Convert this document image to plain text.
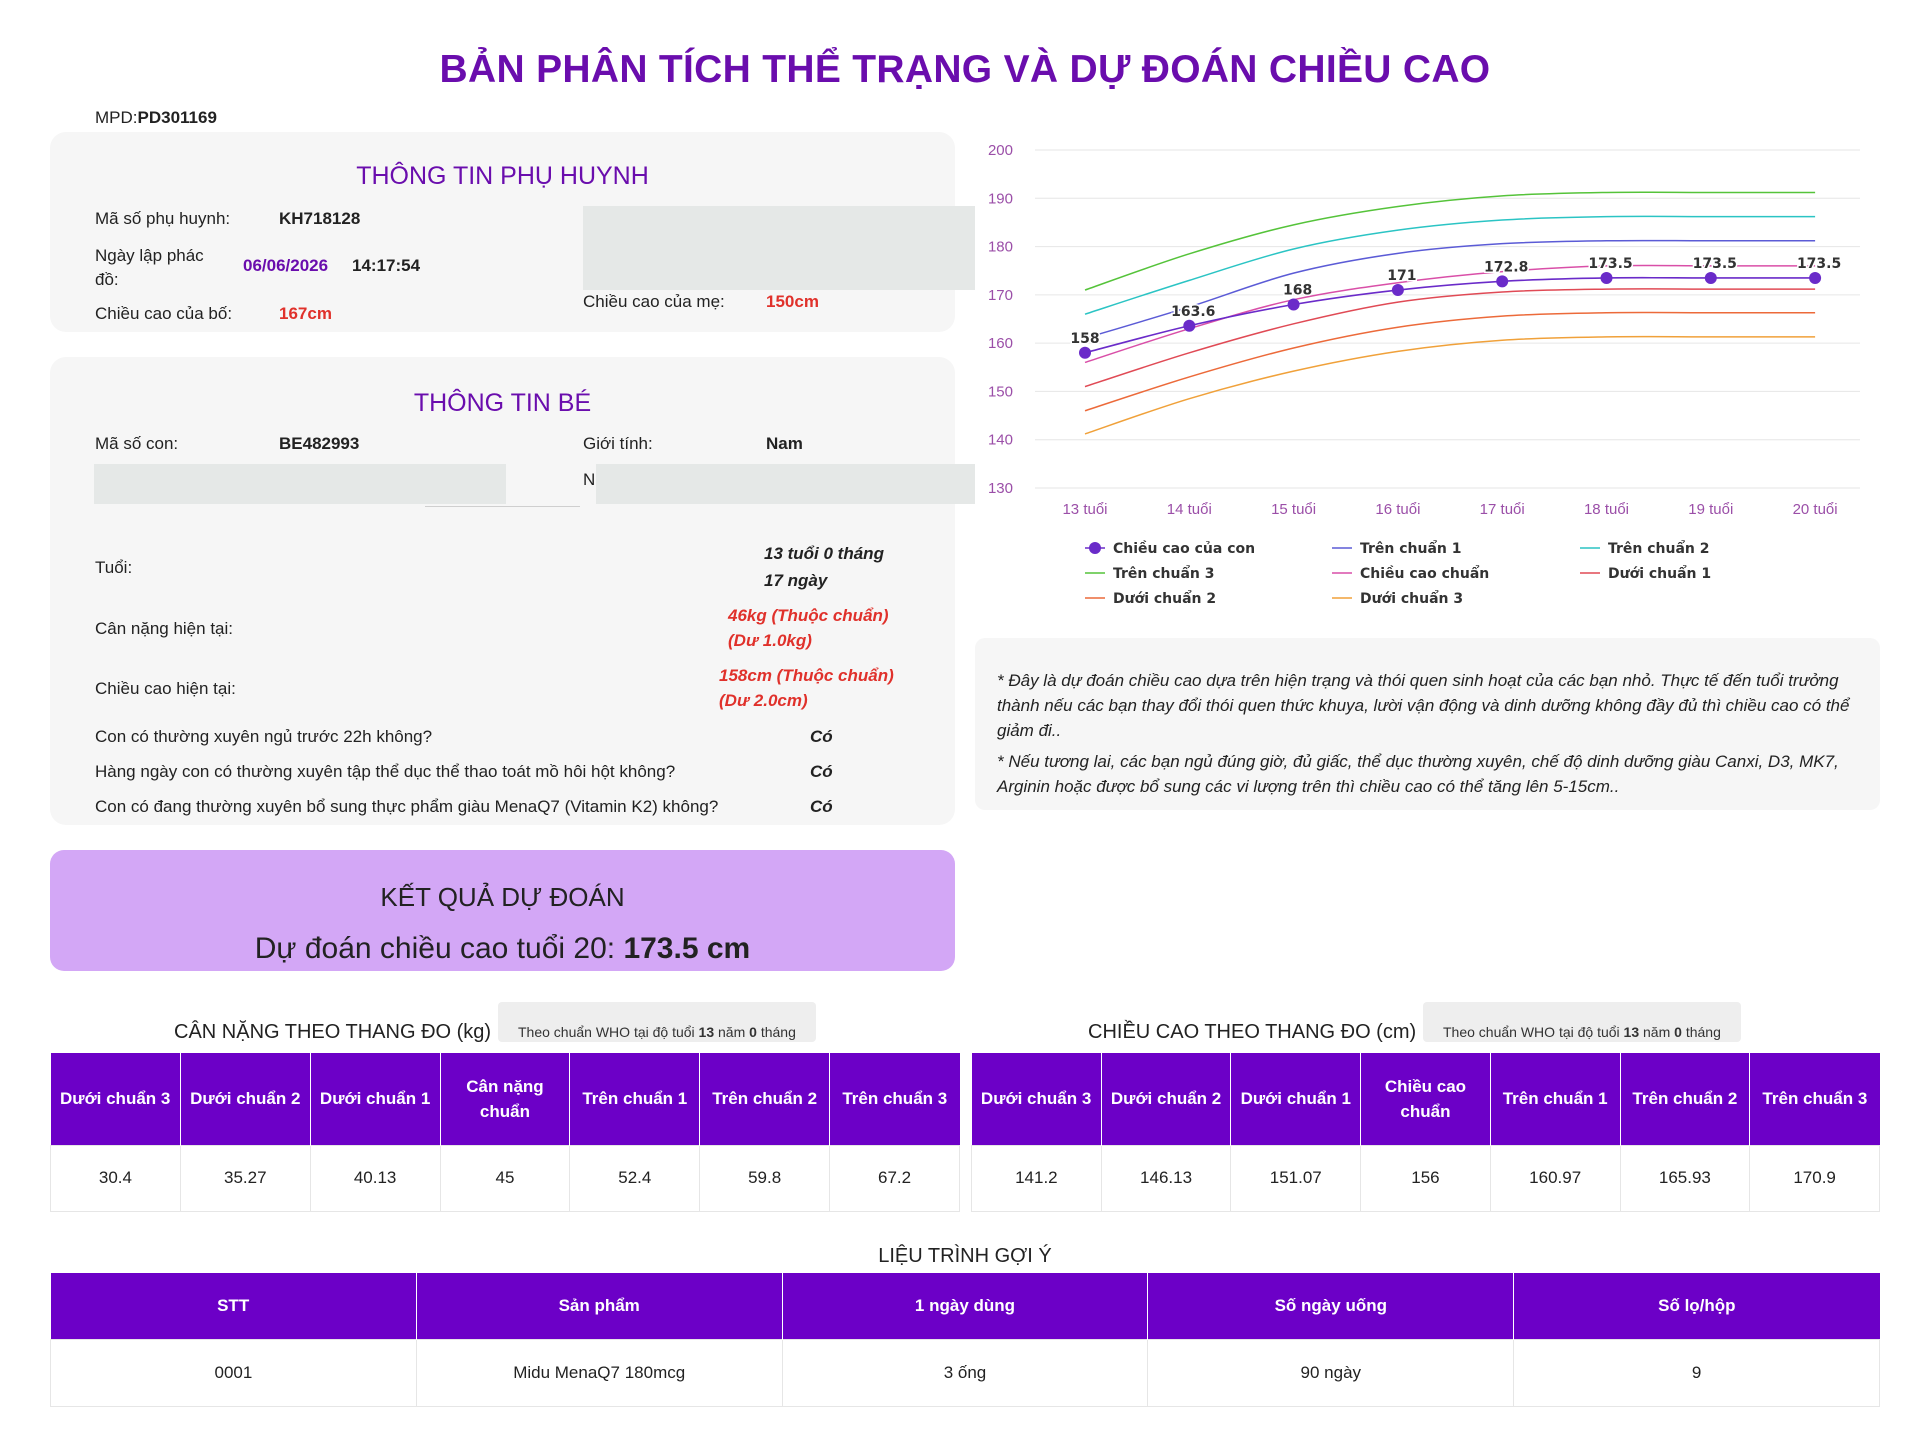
BẢN PHÂN TÍCH THỂ TRẠNG VÀ DỰ ĐOÁN CHIỀU CAO
MPD:PD301169
THÔNG TIN PHỤ HUYNH
Mã số phụ huynh:	KH718128
Ngày lập phác đồ:
06/06/2026 14:17:54
Chiều cao của bố:	167cm
Chiều cao của mẹ: 150cm
THÔNG TIN BÉ
Mã số con:	BE482993	Giới tính:	Nam
N
Tuổi:
13 tuổi 0 tháng
17 ngày
Cân nặng hiện tại:
46kg (Thuộc chuẩn)
(Dư 1.0kg)
Chiều cao hiện tại:
158cm (Thuộc chuẩn)
(Dư 2.0cm)
Con có thường xuyên ngủ trước 22h không?	Có
Hàng ngày con có thường xuyên tập thể dục thể thao toát mồ hôi hột không?	Có
Con có đang thường xuyên bổ sung thực phẩm giàu MenaQ7 (Vitamin K2) không?	Có
KẾT QUẢ DỰ ĐOÁN
Dự đoán chiều cao tuổi 20: 173.5 cm
130
140
150
160
170
180
190
200
13 tuổi	14 tuổi	15 tuổi	16 tuổi	17 tuổi	18 tuổi	19 tuổi	20 tuổi
158
163.6
168
171
172.8	173.5	173.5	173.5
Chiều cao của con	Trên chuẩn 1	Trên chuẩn 2
Trên chuẩn 3	Chiều cao chuẩn	Dưới chuẩn 1
Dưới chuẩn 2	Dưới chuẩn 3

* Đây là dự đoán chiều cao dựa trên hiện trạng và thói quen sinh hoạt của các bạn nhỏ. Thực tế đến tuổi trưởng thành nếu các bạn thay đổi thói quen thức khuya, lười vận động và dinh dưỡng không đầy đủ thì chiều cao có thể giảm đi..

* Nếu tương lai, các bạn ngủ đúng giờ, đủ giấc, thể dục thường xuyên, chế độ dinh dưỡng giàu Canxi, D3, MK7, Arginin hoặc được bổ sung các vi lượng trên thì chiều cao có thể tăng lên 5-15cm..

CÂN NẶNG THEO THANG ĐO (kg)	Theo chuẩn WHO tại độ tuổi 13 năm 0 tháng
Dưới chuẩn 3	Dưới chuẩn 2	Dưới chuẩn 1	Cân nặng chuẩn	Trên chuẩn 1	Trên chuẩn 2	Trên chuẩn 3
30.4	35.27	40.13	45	52.4	59.8	67.2
CHIỀU CAO THEO THANG ĐO (cm)	Theo chuẩn WHO tại độ tuổi 13 năm 0 tháng
Dưới chuẩn 3	Dưới chuẩn 2	Dưới chuẩn 1	Chiều cao chuẩn	Trên chuẩn 1	Trên chuẩn 2	Trên chuẩn 3
141.2	146.13	151.07	156	160.97	165.93	170.9
LIỆU TRÌNH GỢI Ý
STT	Sản phẩm	1 ngày dùng	Số ngày uống	Số lọ/hộp
0001	Midu MenaQ7 180mcg	3 ống	90 ngày	9
